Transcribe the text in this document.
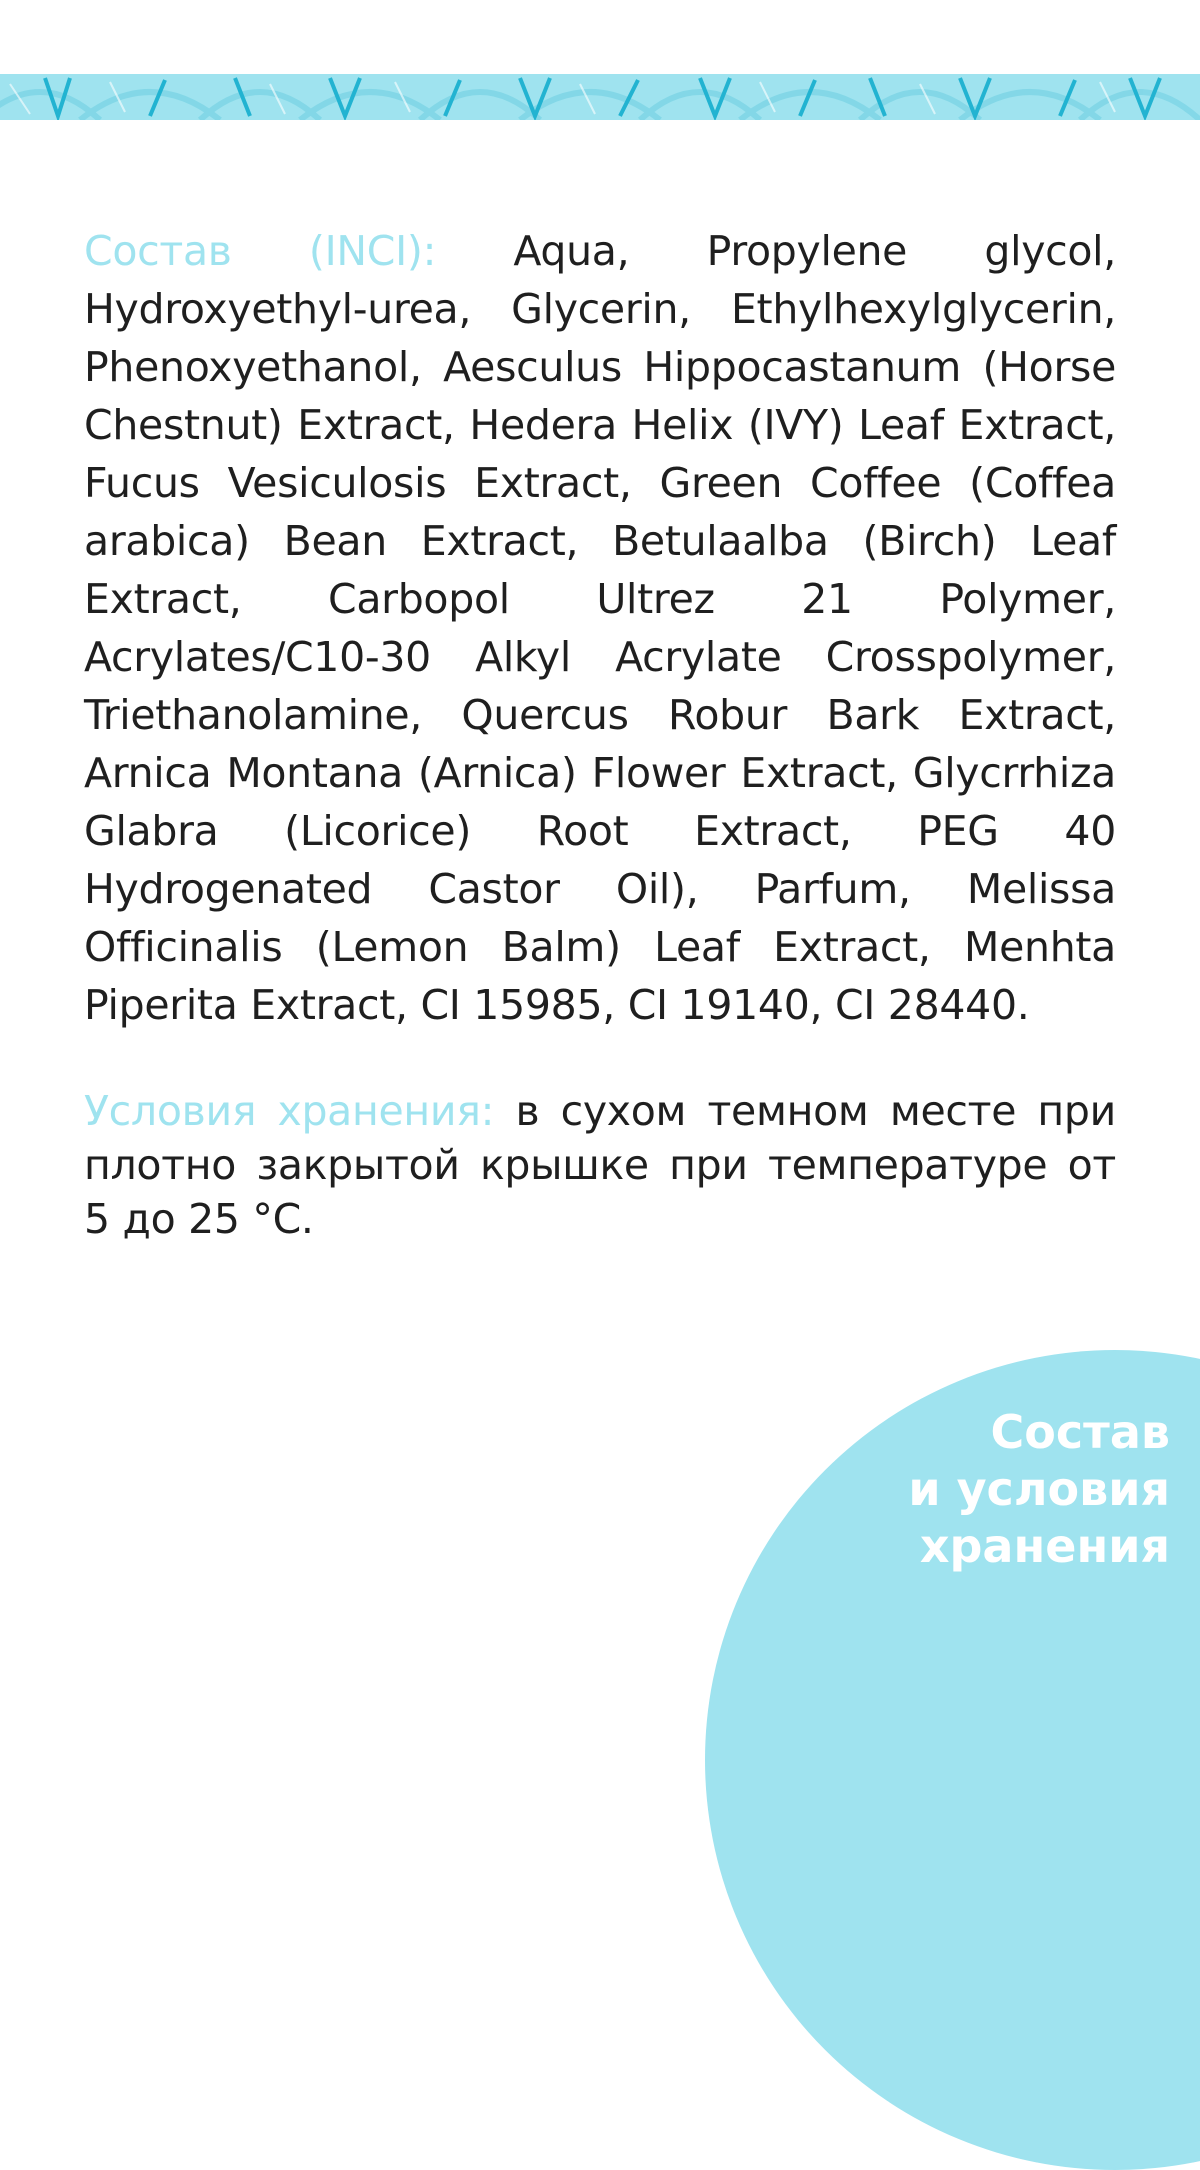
Состав (INCI): Aqua, Propylene glycol, Hydroxyethyl-urea, Glycerin, Ethylhexylglycerin, Phenoxyethanol, Aesculus Hippocastanum (Horse Chestnut) Extract, Hedera Helix (IVY) Leaf Extract, Fucus Vesiculosis Extract, Green Coffee (Coffea arabica) Bean Extract, Betulaalba (Birch) Leaf Extract, Carbopol Ultrez 21 Polymer, Acrylates/C10-30 Alkyl Acrylate Crosspolymer, Triethanolamine, Quercus Robur Bark Extract, Arnica Montana (Arnica) Flower Extract, Glycrrhiza Glabra (Licorice) Root Extract, PEG 40 Hydrogenated Castor Oil), Parfum, Melissa Officinalis (Lemon Balm) Leaf Extract, Menhta Piperita Extract, CI 15985, CI 19140, CI 28440.

Условия хранения: в сухом темном месте при плотно закрытой крышке при температуре от 5 до 25 °C.

Состав
и условия
хранения
